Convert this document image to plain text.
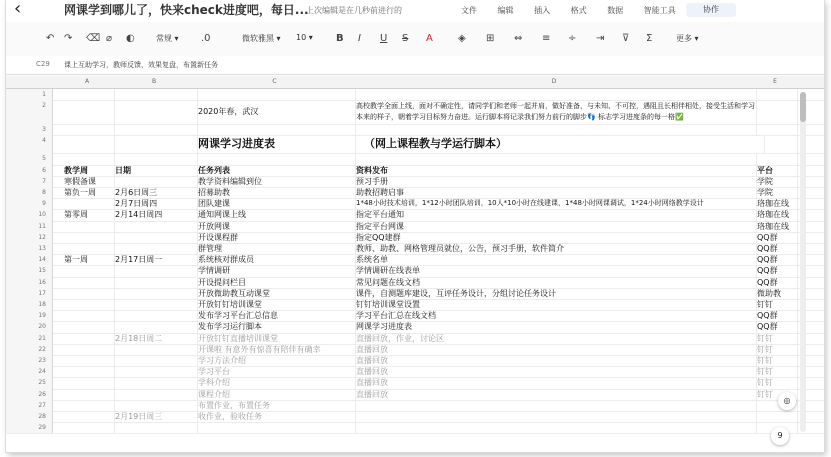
‹	网课学到哪儿了，快来check进度吧，每日...
上次编辑是在几秒前进行的	文件	编辑	插入	格式	数据	智能工具	协作
↶ ↷ ⌫ ⌀ ◐	常规 ▾ .0	微软雅黑 ▾ 10 ▾ B I U S A	◈ ⊞ ⇔ ≡ ÷ ⇥ ⊽ Σ	更多 ▾
C29 课上互助学习，教师反馈，效果复盘，布置新任务
A	B	C	D	E
1
2
2020年春，武汉
高校教学全面上线，面对不确定性，请同学们和老师一起并肩，做好准备，与未知、不可控，遇阻且长相伴相处，接受生活和学习本来的样子，朝着学习目标努力奋进。运行脚本将记录我们努力前行的脚步👣 标志学习进度条的每一格✅
3
4	网课学习进度表	（网上课程教与学运行脚本）
5
6 教学周	日期	任务列表	资料发布	平台
7 寒假备课	教学资料编辑到位	预习手册	学院
8 第负一周	2月6日周三	招募助教	助教招聘启事	学院
9	2月7日周四	团队建课	1*48小时技术培训，1*12小时团队培训，10人*10小时在线建课，1*48小时网课调试，1*24小时网络教学设计	珞珈在线
10 第零周	2月14日周四	通知网课上线	指定平台通知	珞珈在线
11	开放网课	指定平台网课	珞珈在线
12	开设课程群	指定QQ建群	QQ群
13	群管理	教师、助教、网格管理员就位，公告，预习手册，软件简介	QQ群
14 第一周	2月17日周一	系统核对群成员	系统名单	QQ群
15	学情调研	学情调研在线表单	QQ群
16	开设提问栏目	常见问题在线文档	QQ群
17	开放微助教互动课堂	课件，自测题库建设，互评任务设计，分组讨论任务设计	微助教
18	开放钉钉培训课堂	钉钉培训课堂设置	钉钉
19	发布学习平台汇总信息	学习平台汇总在线文档	QQ群
20	发布学习运行脚本	网课学习进度表	QQ群
21	2月18日周二	开放钉钉直播培训课堂	直播回放，作业，讨论区	钉钉
22	开课啦 有意外有惊喜有陪伴有确幸	直播回放	钉钉
23	学习方法介绍	直播回放	钉钉
24	学习平台	直播回放	钉钉
25	学科介绍	直播回放	钉钉
26	课程介绍	直播回放	钉钉
27	布置作业，布置任务
28	2月19日周三	收作业，验收任务
29
◎
9
